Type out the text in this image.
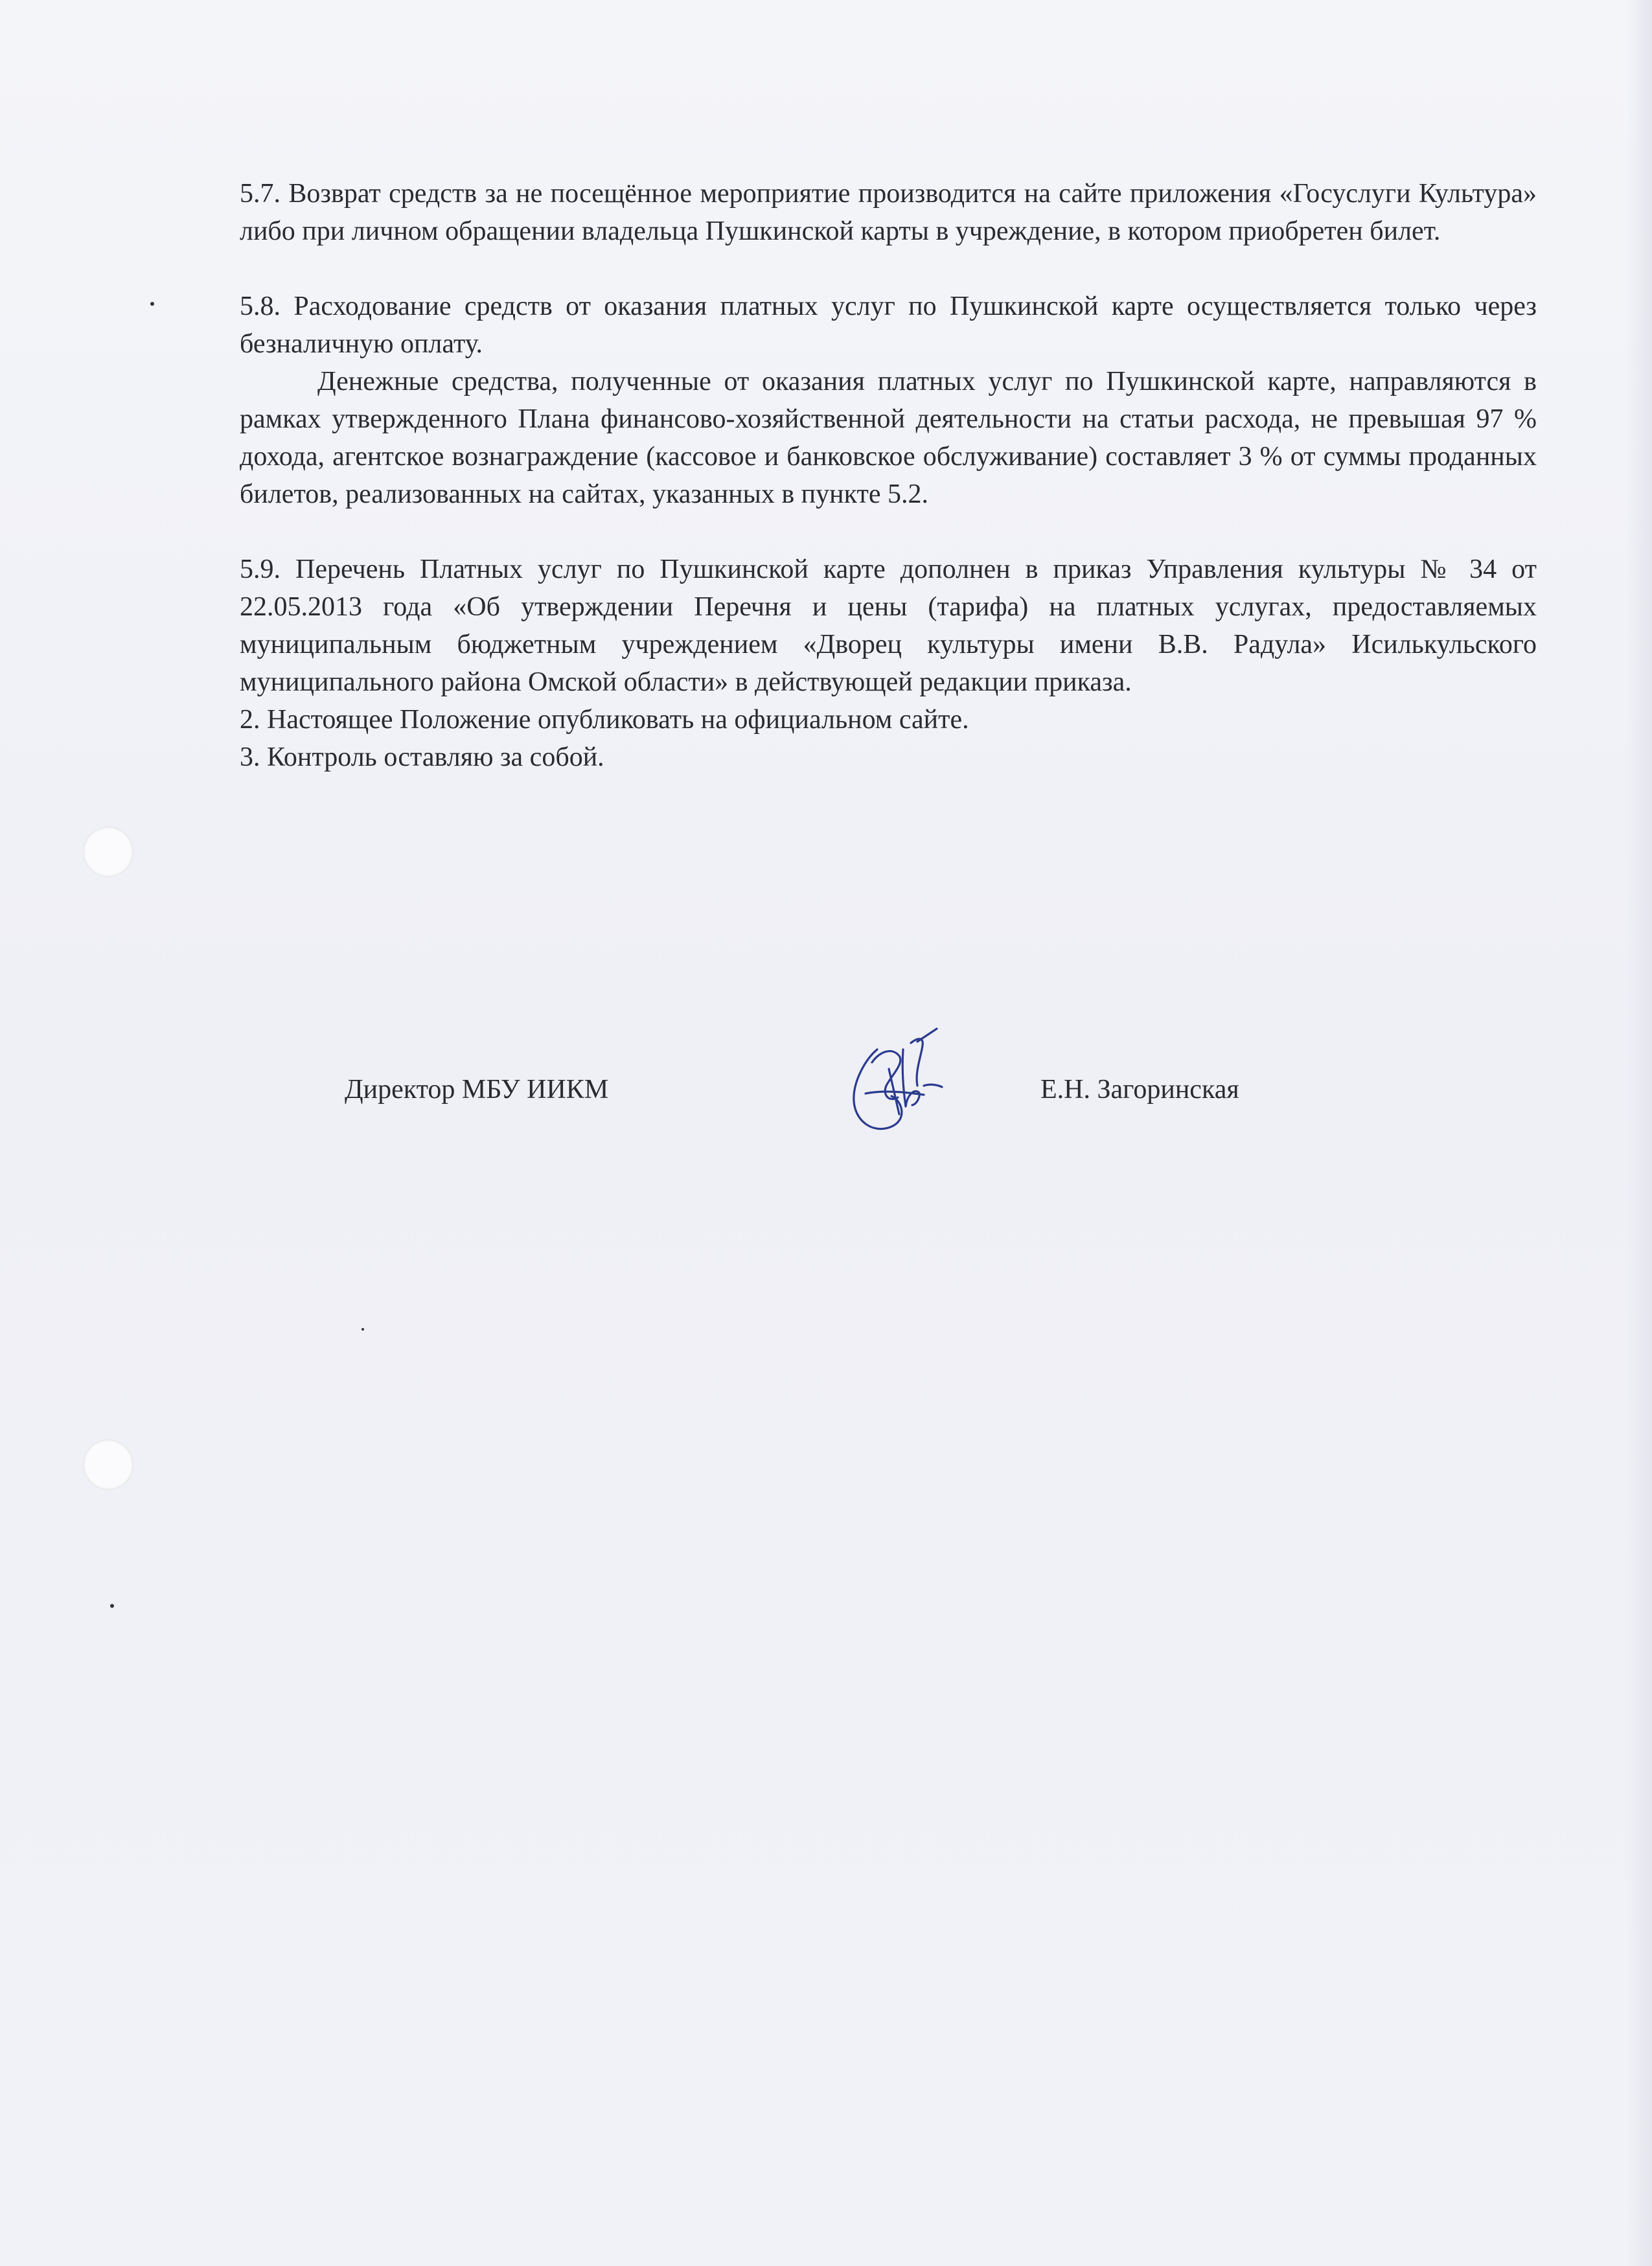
5.7. Возврат средств за не посещённое мероприятие производится на сайте приложения «Госуслуги Культура» либо при личном обращении владельца Пушкинской карты в учреждение, в котором приобретен билет.

5.8. Расходование средств от оказания платных услуг по Пушкинской карте осуществляется только через безналичную оплату.

Денежные средства, полученные от оказания платных услуг по Пушкинской карте, направляются в рамках утвержденного Плана финансово-хозяйственной деятельности на статьи расхода, не превышая 97 % дохода, агентское вознаграждение (кассовое и банковское обслуживание) составляет 3 % от суммы проданных билетов, реализованных на сайтах, указанных в пункте 5.2.

5.9. Перечень Платных услуг по Пушкинской карте дополнен в приказ Управления культуры № 34 от 22.05.2013 года «Об утверждении Перечня и цены (тарифа) на платных услугах, предоставляемых муниципальным бюджетным учреждением «Дворец культуры имени В.В. Радула» Исилькульского муниципального района Омской области» в действующей редакции приказа.

2. Настоящее Положение опубликовать на официальном сайте.

3. Контроль оставляю за собой.

Директор МБУ ИИКМ	Е.Н. Загоринская
